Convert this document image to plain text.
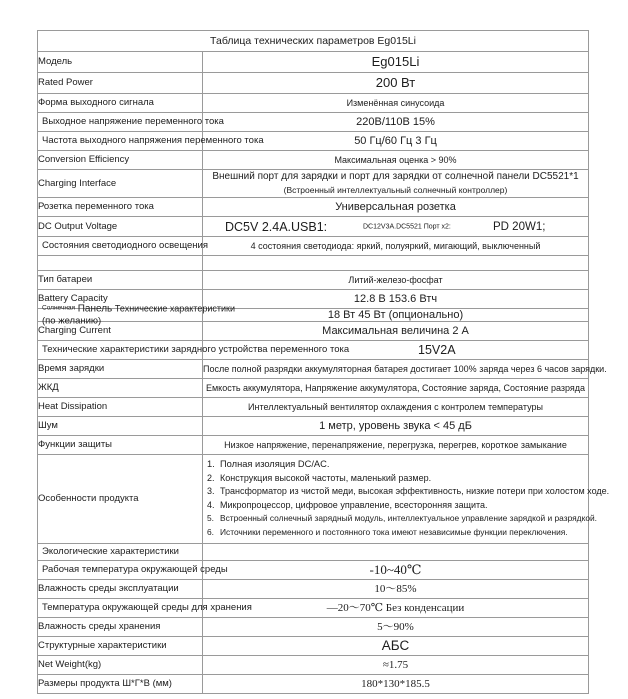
Таблица технических параметров Eg015Li	
Модель	Eg015Li
Rated Power	200 Вт
Форма выходного сигнала	Изменённая синусоида

Выходное напряжение переменного тока	220В/110В 15%

Частота выходного напряжения переменного тока	50 Гц/60 Гц 3 Гц
Conversion Efficiency	Максимальная оценка > 90%
Charging Interface	Внешний порт для зарядки и порт для зарядки от солнечной панели DC5521*1
(Встроенный интеллектуальный солнечный контроллер)

Розетка переменного тока	Универсальная розетка
DC Output Voltage	DC5V 2.4A.USB1: DC12V3A.DC5521 Порт x2: PD 20W1;

Состояния светодиодного освещения	4 состояния светодиода: яркий, полуяркий, мигающий, выключенный

Тип батареи	Литий-железо-фосфат
Battery Capacity	12.8 В 153.6 Втч

$^{Солнечная}$ Панель Технические характеристики
(по желанию)	18 Вт 45 Вт (опционально)
Charging Current	Максимальная величина 2 А

Технические характеристики зарядного устройства переменного тока	15V2A

Время зарядки	После полной разрядки аккумуляторная батарея достигает 100% заряда через 6 часов зарядки.
ЖКД	Емкость аккумулятора, Напряжение аккумулятора, Состояние заряда, Состояние разряда
Heat Dissipation	Интеллектуальный вентилятор охлаждения с контролем температуры
Шум	1 метр, уровень звука < 45 дБ
Функции защиты	Низкое напряжение, перенапряжение, перегрузка, перегрев, короткое замыкание
Особенности продукта	
1. Полная изоляция DC/AC.
2. Конструкция высокой частоты, маленький размер.
3. Трансформатор из чистой меди, высокая эффективность, низкие потери при холостом ходе.
4. Микропроцессор, цифровое управление, всесторонняя защита.
5. Встроенный солнечный зарядный модуль, интеллектуальное управление зарядкой и разрядкой.
6. Источники переменного и постоянного тока имеют независимые функции переключения.

Экологические характеристики	

Рабочая температура окружающей среды	-10~40℃
Влажность среды эксплуатации	10～85%

Температура окружающей среды для хранения	—20～70℃ Без конденсации
Влажность среды хранения	5～90%
Структурные характеристики	АБС
Net Weight(kg)	≈1.75
Размеры продукта Ш*Г*В (мм)	180*130*185.5
